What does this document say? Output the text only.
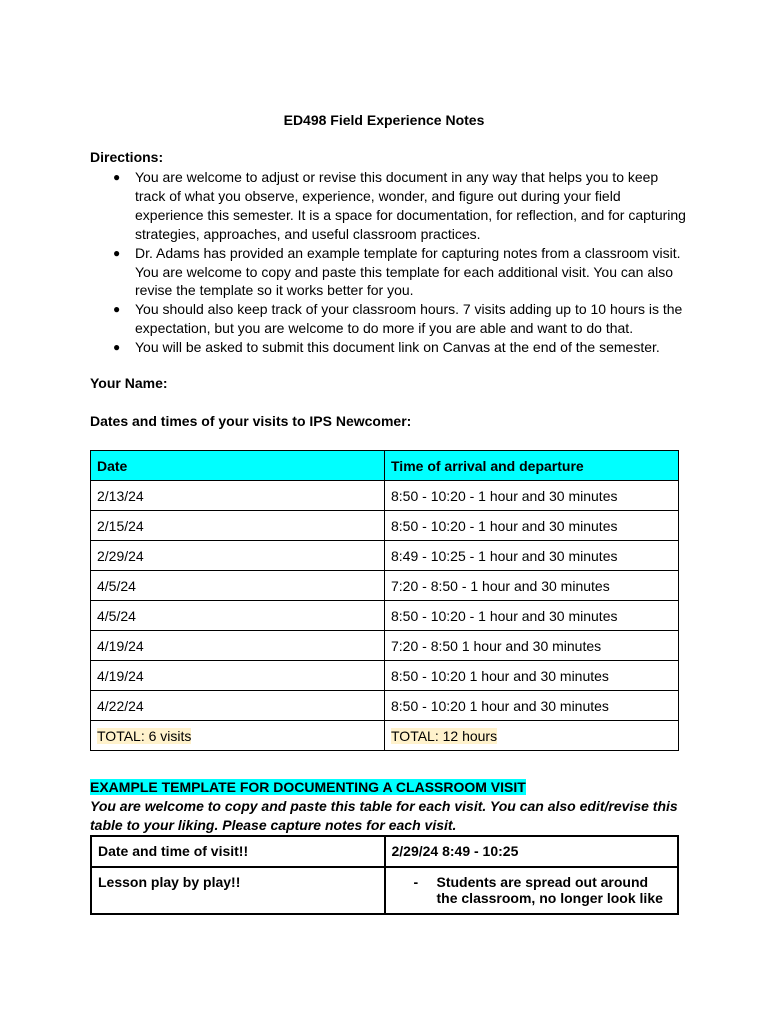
ED498 Field Experience Notes
Directions:
● You are welcome to adjust or revise this document in any way that helps you to keep track of what you observe, experience, wonder, and figure out during your field experience this semester. It is a space for documentation, for reflection, and for capturing strategies, approaches, and useful classroom practices.
● Dr. Adams has provided an example template for capturing notes from a classroom visit. You are welcome to copy and paste this template for each additional visit. You can also revise the template so it works better for you.
● You should also keep track of your classroom hours. 7 visits adding up to 10 hours is the expectation, but you are welcome to do more if you are able and want to do that.
● You will be asked to submit this document link on Canvas at the end of the semester.
Your Name:
Dates and times of your visits to IPS Newcomer:
Date	Time of arrival and departure
2/13/24	8:50 - 10:20 - 1 hour and 30 minutes
2/15/24	8:50 - 10:20 - 1 hour and 30 minutes
2/29/24	8:49 - 10:25 - 1 hour and 30 minutes
4/5/24	7:20 - 8:50 - 1 hour and 30 minutes
4/5/24	8:50 - 10:20 - 1 hour and 30 minutes
4/19/24	7:20 - 8:50 1 hour and 30 minutes
4/19/24	8:50 - 10:20 1 hour and 30 minutes
4/22/24	8:50 - 10:20 1 hour and 30 minutes
TOTAL: 6 visits	TOTAL: 12 hours
EXAMPLE TEMPLATE FOR DOCUMENTING A CLASSROOM VISIT
You are welcome to copy and paste this table for each visit. You can also edit/revise this table to your liking. Please capture notes for each visit.
Date and time of visit!!	2/29/24 8:49 - 10:25
Lesson play by play!!	- Students are spread out around the classroom, no longer look like
